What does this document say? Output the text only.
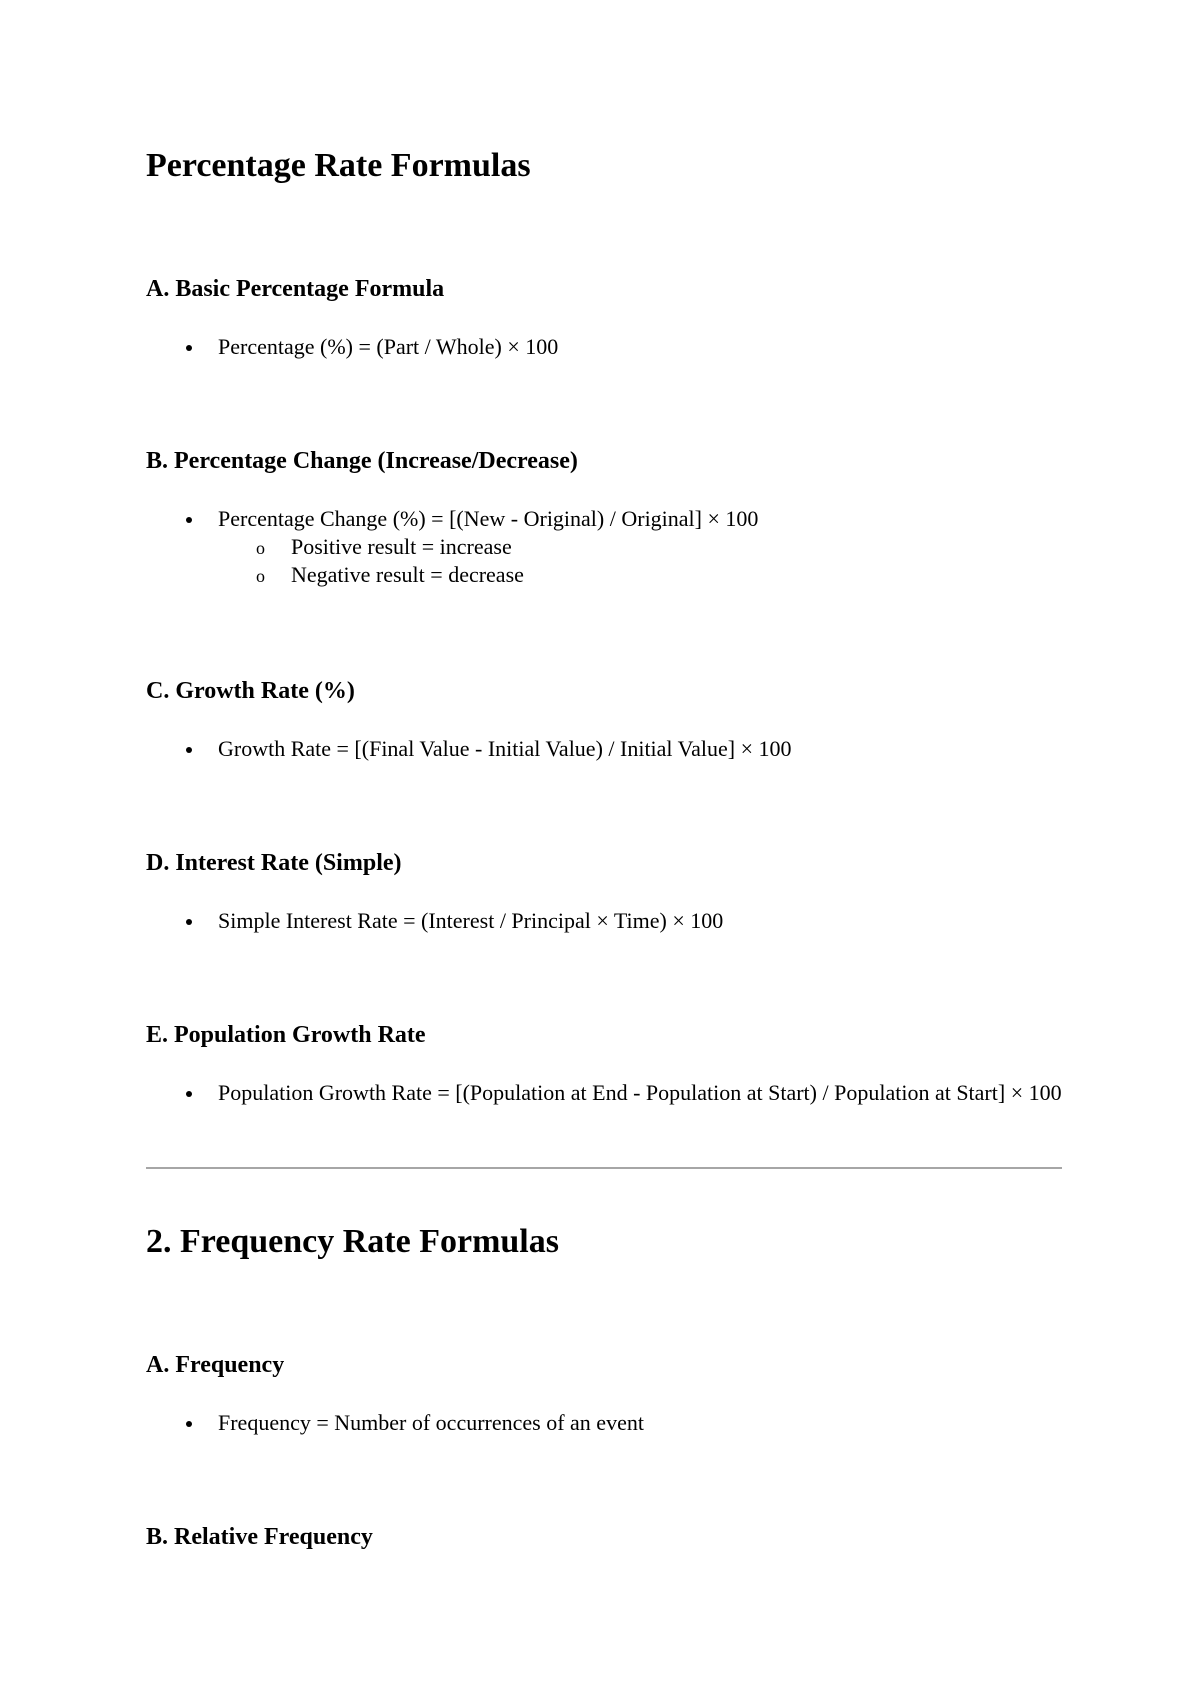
Percentage Rate Formulas
A. Basic Percentage Formula
Percentage (%) = (Part / Whole) × 100
B. Percentage Change (Increase/Decrease)
Percentage Change (%) = [(New - Original) / Original] × 100
o Positive result = increase
o Negative result = decrease
C. Growth Rate (%)
Growth Rate = [(Final Value - Initial Value) / Initial Value] × 100
D. Interest Rate (Simple)
Simple Interest Rate = (Interest / Principal × Time) × 100
E. Population Growth Rate
Population Growth Rate = [(Population at End - Population at Start) / Population at Start] × 100
2. Frequency Rate Formulas
A. Frequency
Frequency = Number of occurrences of an event
B. Relative Frequency
